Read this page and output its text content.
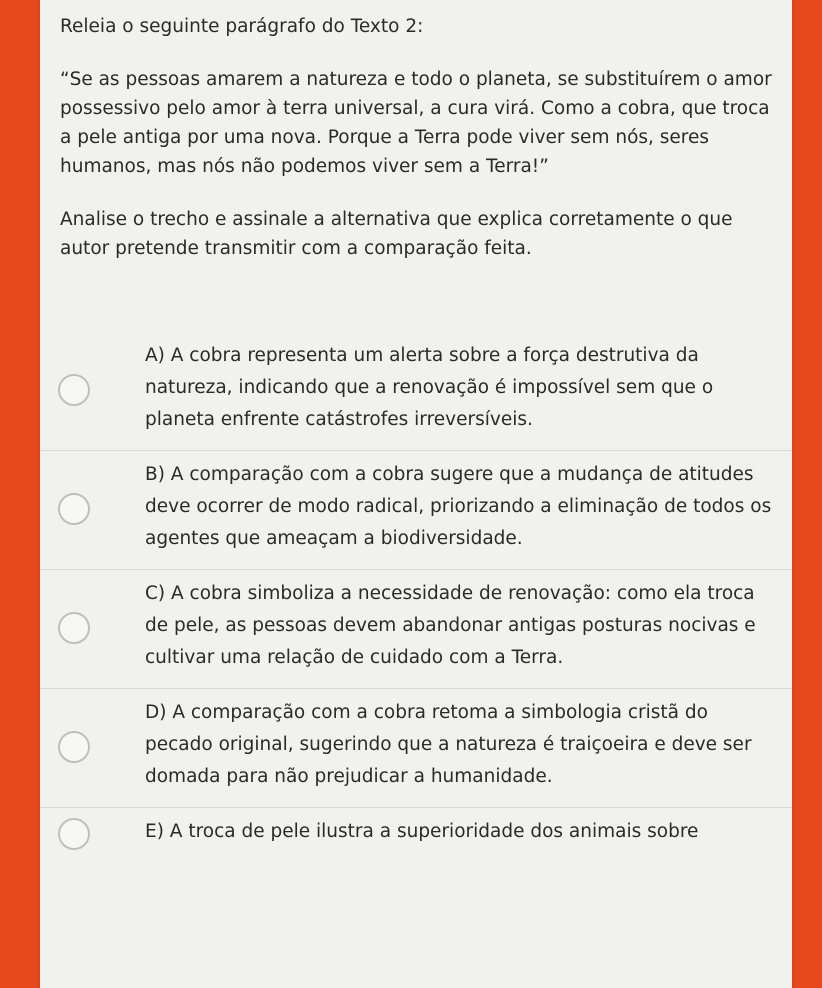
Releia o seguinte parágrafo do Texto 2:

“Se as pessoas amarem a natureza e todo o planeta, se substituírem o amor possessivo pelo amor à terra universal, a cura virá. Como a cobra, que troca a pele antiga por uma nova. Porque a Terra pode viver sem nós, seres humanos, mas nós não podemos viver sem a Terra!”

Analise o trecho e assinale a alternativa que explica corretamente o que autor pretende transmitir com a comparação feita.

A) A cobra representa um alerta sobre a força destrutiva da natureza, indicando que a renovação é impossível sem que o planeta enfrente catástrofes irreversíveis.
B) A comparação com a cobra sugere que a mudança de atitudes deve ocorrer de modo radical, priorizando a eliminação de todos os agentes que ameaçam a biodiversidade.
C) A cobra simboliza a necessidade de renovação: como ela troca de pele, as pessoas devem abandonar antigas posturas nocivas e cultivar uma relação de cuidado com a Terra.
D) A comparação com a cobra retoma a simbologia cristã do pecado original, sugerindo que a natureza é traiçoeira e deve ser domada para não prejudicar a humanidade.
E) A troca de pele ilustra a superioridade dos animais sobre
